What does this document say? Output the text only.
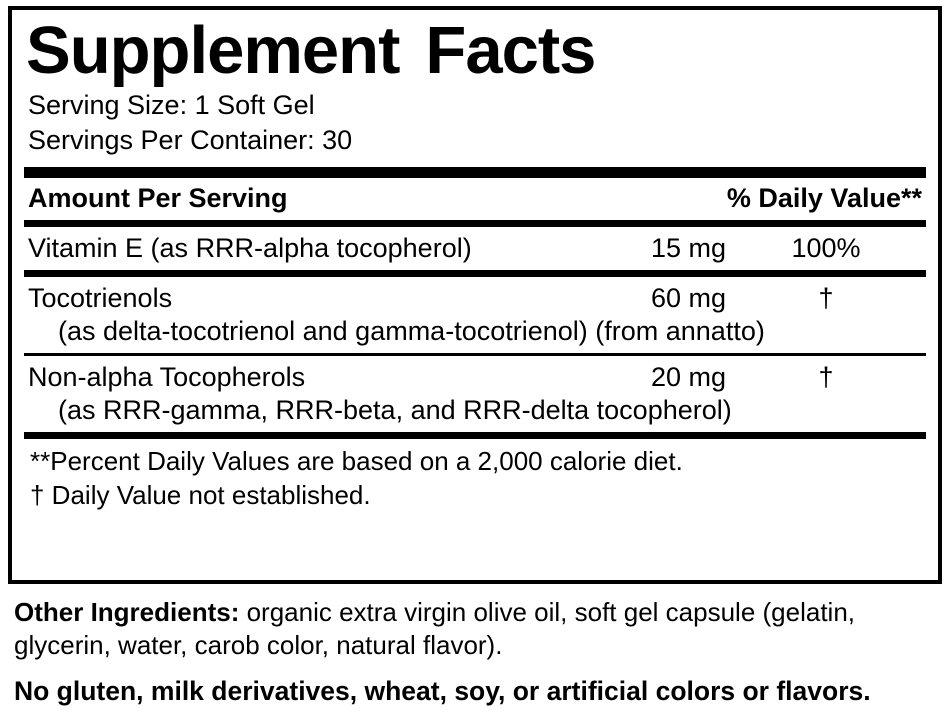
Supplement Facts
Serving Size: 1 Soft Gel
Servings Per Container: 30
Amount Per Serving	% Daily Value**
Vitamin E (as RRR-alpha tocopherol)	15 mg	100%
Tocotrienols	60 mg	†
(as delta-tocotrienol and gamma-tocotrienol) (from annatto)
Non-alpha Tocopherols	20 mg	†
(as RRR-gamma, RRR-beta, and RRR-delta tocopherol)
**Percent Daily Values are based on a 2,000 calorie diet.
† Daily Value not established.
Other Ingredients: organic extra virgin olive oil, soft gel capsule (gelatin, glycerin, water, carob color, natural flavor).
No gluten, milk derivatives, wheat, soy, or artificial colors or flavors.
